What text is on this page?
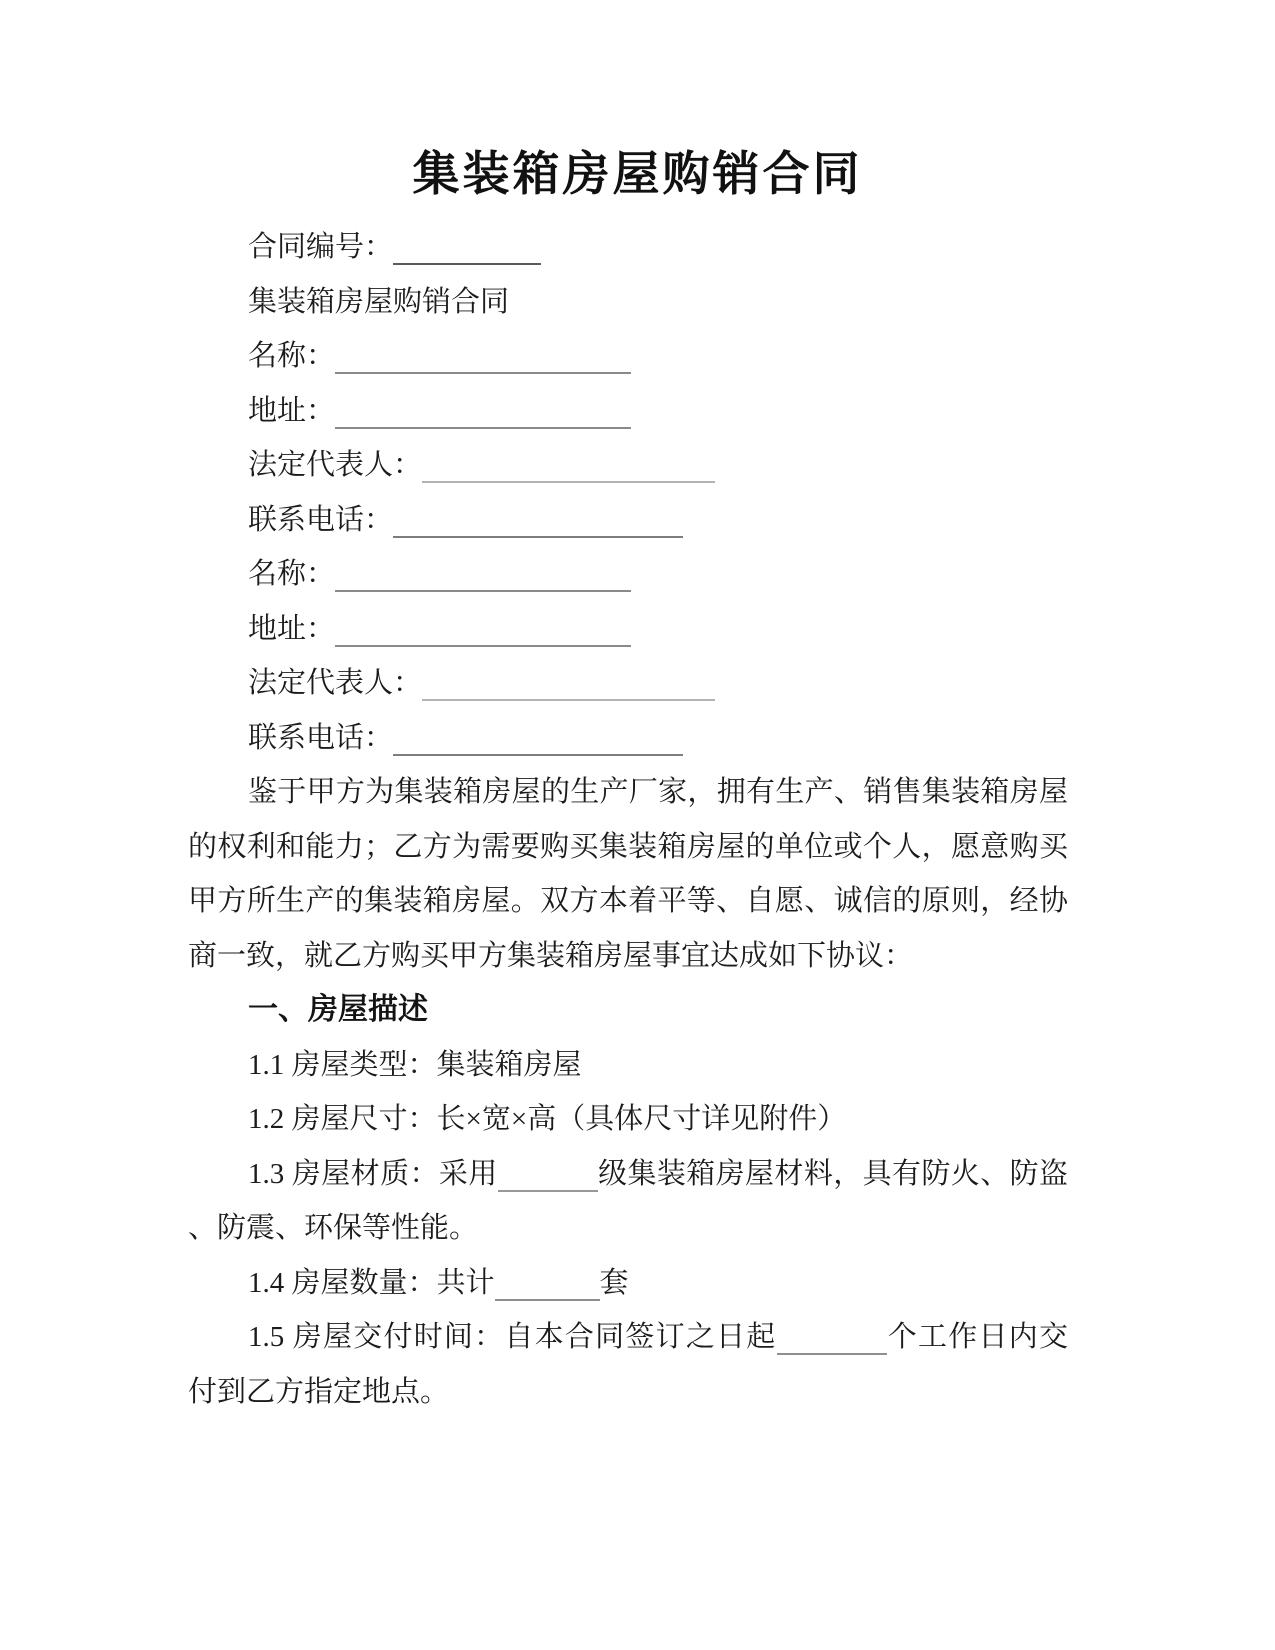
集装箱房屋购销合同
合同编号：
集装箱房屋购销合同
名称：
地址：
法定代表人：
联系电话：
名称：
地址：
法定代表人：
联系电话：

鉴于甲方为集装箱房屋的生产厂家，拥有生产、销售集装箱房屋的权利和能力；乙方为需要购买集装箱房屋的单位或个人，愿意购买甲方所生产的集装箱房屋。双方本着平等、自愿、诚信的原则，经协商一致，就乙方购买甲方集装箱房屋事宜达成如下协议：

一、房屋描述
1.1 房屋类型：集装箱房屋
1.2 房屋尺寸：长×宽×高（具体尺寸详见附件）

1.3 房屋材质：采用	级集装箱房屋材料，具有防火、防盗、防震、环保等性能。

1.4 房屋数量：共计	套

1.5 房屋交付时间：自本合同签订之日起	个工作日内交付到乙方指定地点。
